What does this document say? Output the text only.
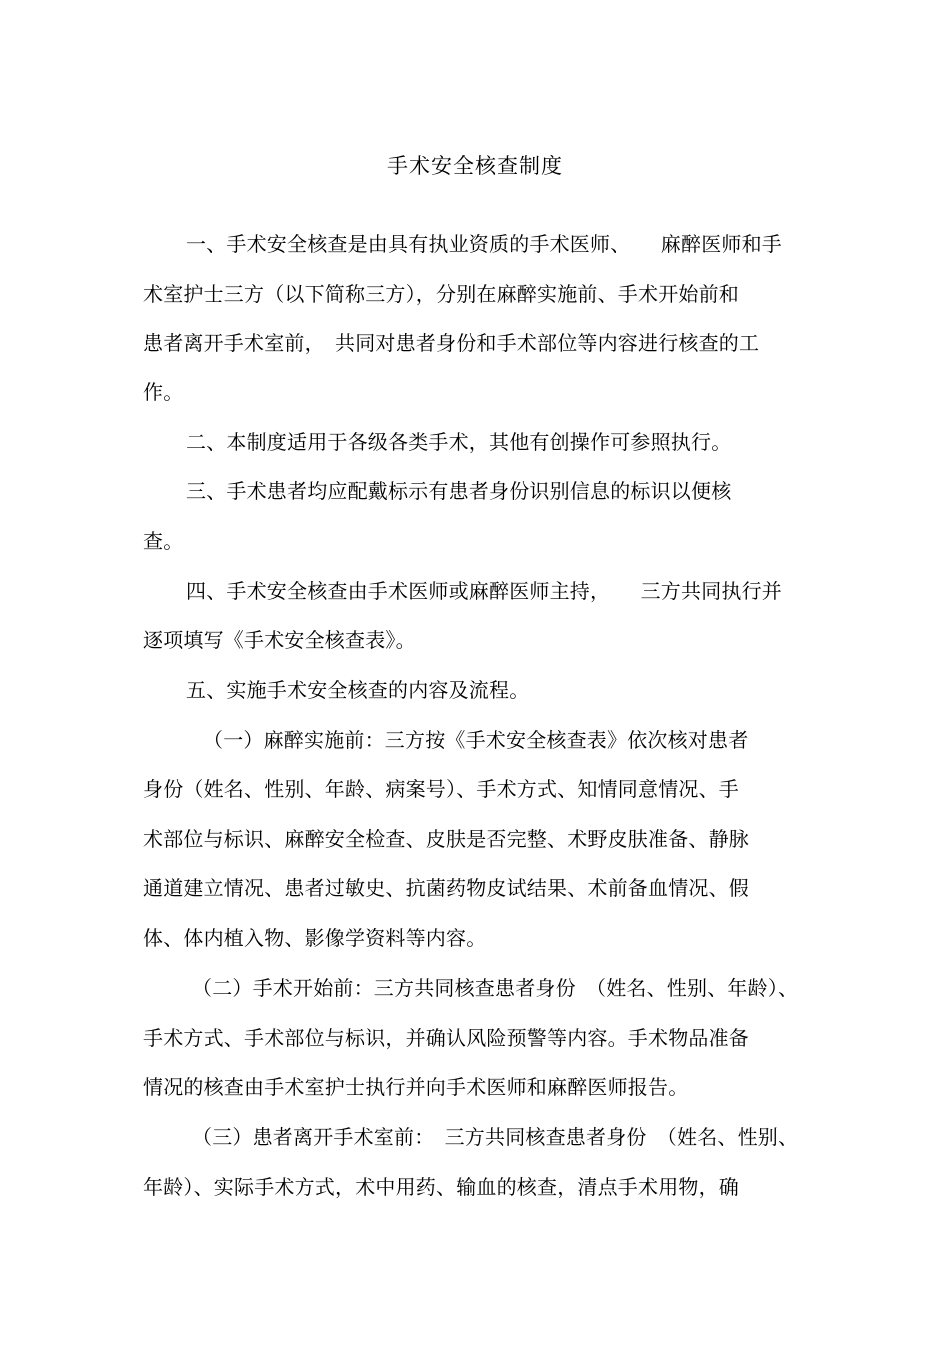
手术安全核查制度
一、手术安全核查是由具有执业资质的手术医师、　　麻醉医师和手
术室护士三方（以下简称三方），分别在麻醉实施前、手术开始前和
患者离开手术室前，　共同对患者身份和手术部位等内容进行核查的工
作。
二、本制度适用于各级各类手术，其他有创操作可参照执行。
三、手术患者均应配戴标示有患者身份识别信息的标识以便核
查。
四、手术安全核查由手术医师或麻醉医师主持，　　三方共同执行并
逐项填写《手术安全核查表》。
五、实施手术安全核查的内容及流程。
（一）麻醉实施前：三方按《手术安全核查表》依次核对患者
身份（姓名、性别、年龄、病案号）、手术方式、知情同意情况、手
术部位与标识、麻醉安全检查、皮肤是否完整、术野皮肤准备、静脉
通道建立情况、患者过敏史、抗菌药物皮试结果、术前备血情况、假
体、体内植入物、影像学资料等内容。
（二）手术开始前：三方共同核查患者身份　（姓名、性别、年龄）、
手术方式、手术部位与标识，并确认风险预警等内容。手术物品准备
情况的核查由手术室护士执行并向手术医师和麻醉医师报告。
（三）患者离开手术室前：　三方共同核查患者身份　（姓名、性别、
年龄）、实际手术方式，术中用药、输血的核查，清点手术用物，确
